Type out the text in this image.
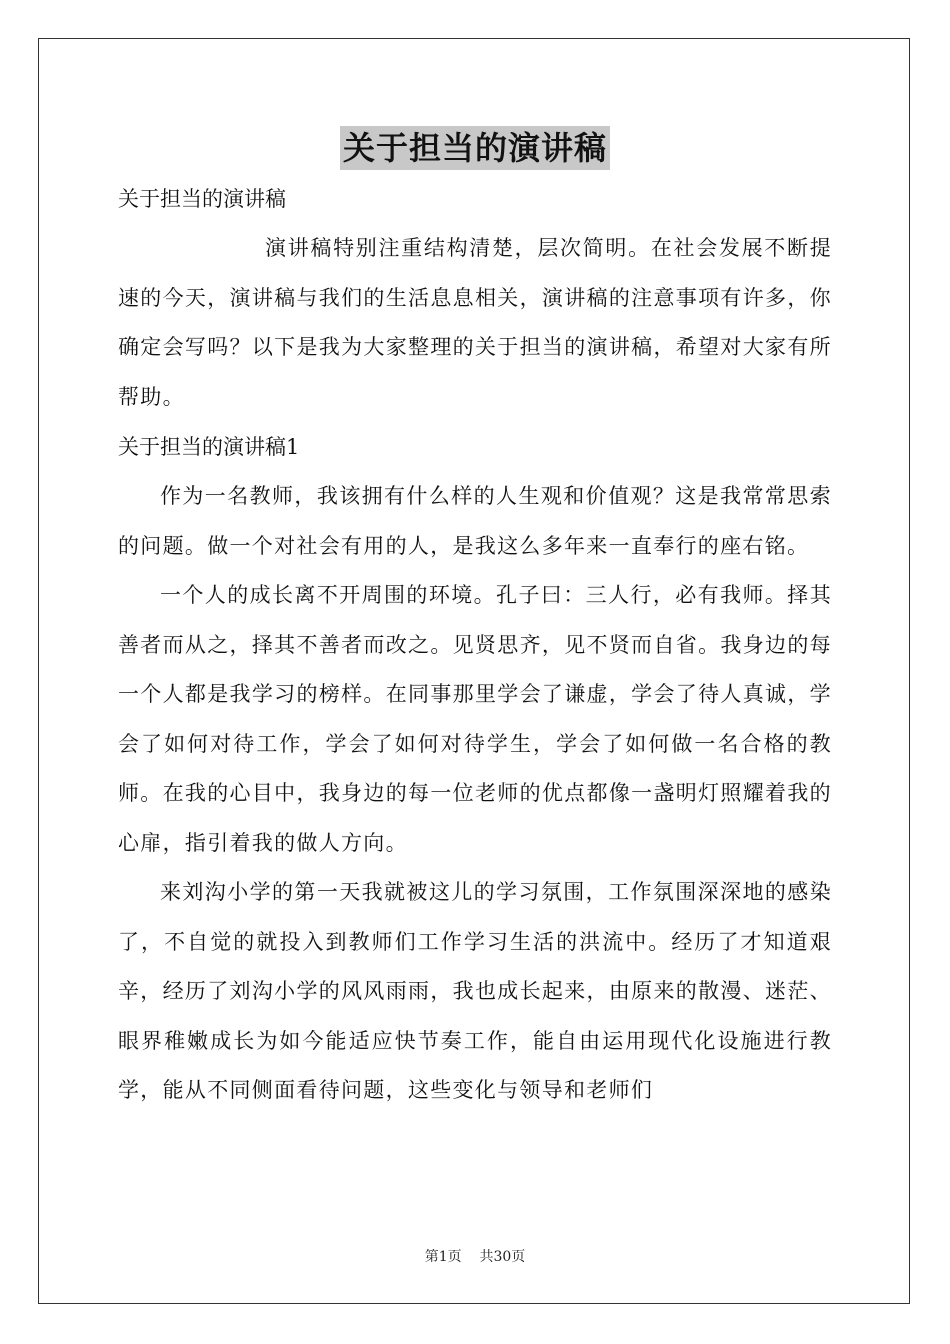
关于担当的演讲稿

关于担当的演讲稿

演讲稿特别注重结构清楚，层次简明。在社会发展不断提速的今天，演讲稿与我们的生活息息相关，演讲稿的注意事项有许多，你确定会写吗？以下是我为大家整理的关于担当的演讲稿，希望对大家有所帮助。

关于担当的演讲稿1

作为一名教师，我该拥有什么样的人生观和价值观？这是我常常思索的问题。做一个对社会有用的人，是我这么多年来一直奉行的座右铭。

一个人的成长离不开周围的环境。孔子曰：三人行，必有我师。择其善者而从之，择其不善者而改之。见贤思齐，见不贤而自省。我身边的每一个人都是我学习的榜样。在同事那里学会了谦虚，学会了待人真诚，学会了如何对待工作，学会了如何对待学生，学会了如何做一名合格的教师。在我的心目中，我身边的每一位老师的优点都像一盏明灯照耀着我的心扉，指引着我的做人方向。

来刘沟小学的第一天我就被这儿的学习氛围，工作氛围深深地的感染了，不自觉的就投入到教师们工作学习生活的洪流中。经历了才知道艰辛，经历了刘沟小学的风风雨雨，我也成长起来，由原来的散漫、迷茫、眼界稚嫩成长为如今能适应快节奏工作，能自由运用现代化设施进行教学，能从不同侧面看待问题，这些变化与领导和老师们

第1页 共30页
